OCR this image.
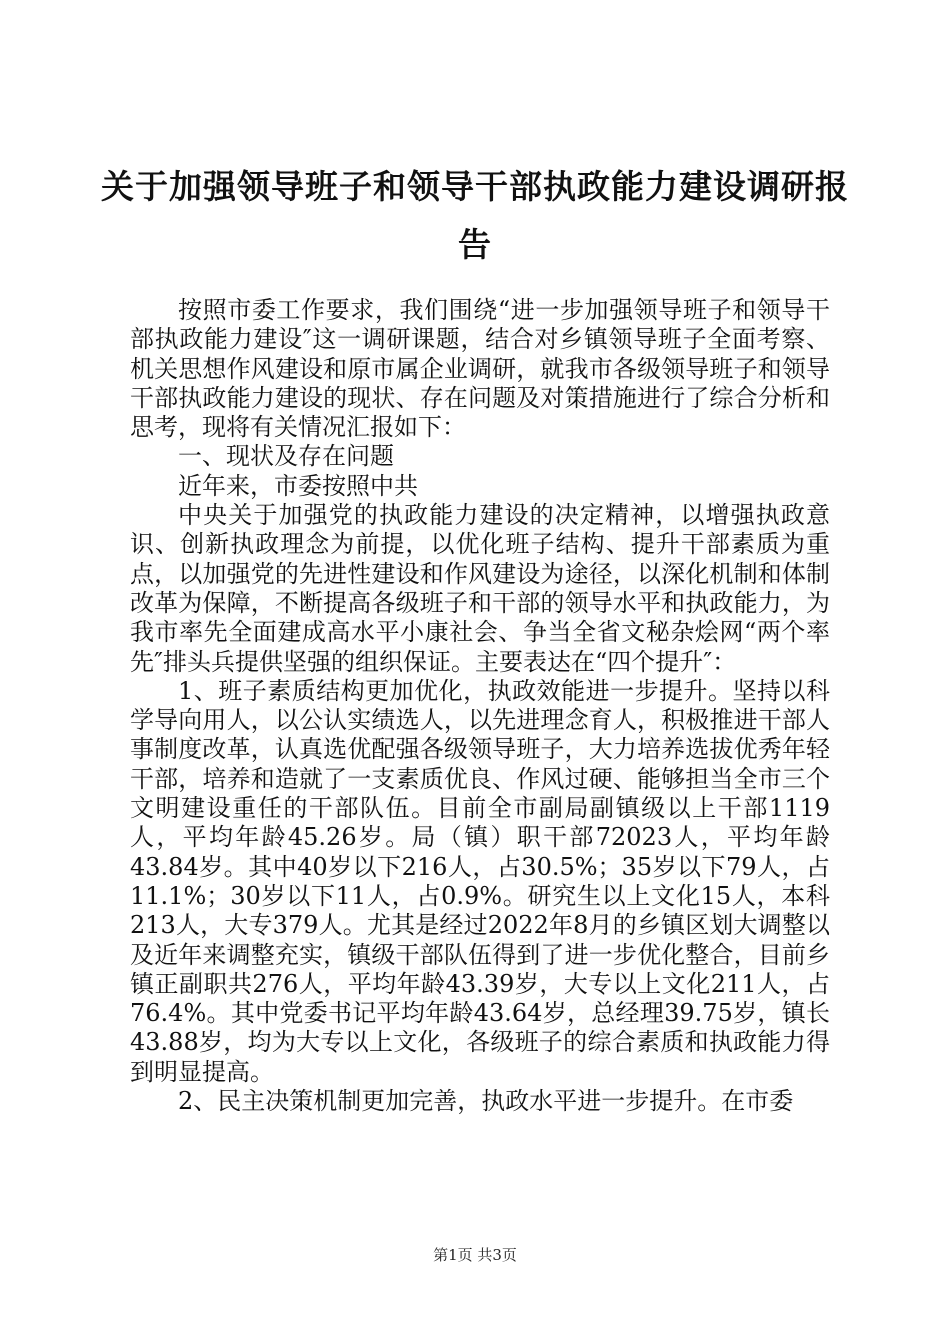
关于加强领导班子和领导干部执政能力建设调研报告

按照市委工作要求，我们围绕“进一步加强领导班子和领导干部执政能力建设″这一调研课题，结合对乡镇领导班子全面考察、机关思想作风建设和原市属企业调研，就我市各级领导班子和领导干部执政能力建设的现状、存在问题及对策措施进行了综合分析和思考，现将有关情况汇报如下：

一、现状及存在问题

近年来，市委按照中共

中央关于加强党的执政能力建设的决定精神，以增强执政意识、创新执政理念为前提，以优化班子结构、提升干部素质为重点，以加强党的先进性建设和作风建设为途径，以深化机制和体制改革为保障，不断提高各级班子和干部的领导水平和执政能力，为我市率先全面建成高水平小康社会、争当全省文秘杂烩网“两个率先″排头兵提供坚强的组织保证。主要表达在“四个提升″：

1、班子素质结构更加优化，执政效能进一步提升。坚持以科学导向用人，以公认实绩选人，以先进理念育人，积极推进干部人事制度改革，认真选优配强各级领导班子，大力培养选拔优秀年轻干部，培养和造就了一支素质优良、作风过硬、能够担当全市三个文明建设重任的干部队伍。目前全市副局副镇级以上干部1119人，平均年龄45.26岁。局（镇）职干部72023人，平均年龄43.84岁。其中40岁以下216人，占30.5%；35岁以下79人，占11.1%；30岁以下11人，占0.9%。研究生以上文化15人，本科213人，大专379人。尤其是经过2022年8月的乡镇区划大调整以及近年来调整充实，镇级干部队伍得到了进一步优化整合，目前乡镇正副职共276人，平均年龄43.39岁，大专以上文化211人，占76.4%。其中党委书记平均年龄43.64岁，总经理39.75岁，镇长43.88岁，均为大专以上文化，各级班子的综合素质和执政能力得到明显提高。

2、民主决策机制更加完善，执政水平进一步提升。在市委

第1页 共3页
